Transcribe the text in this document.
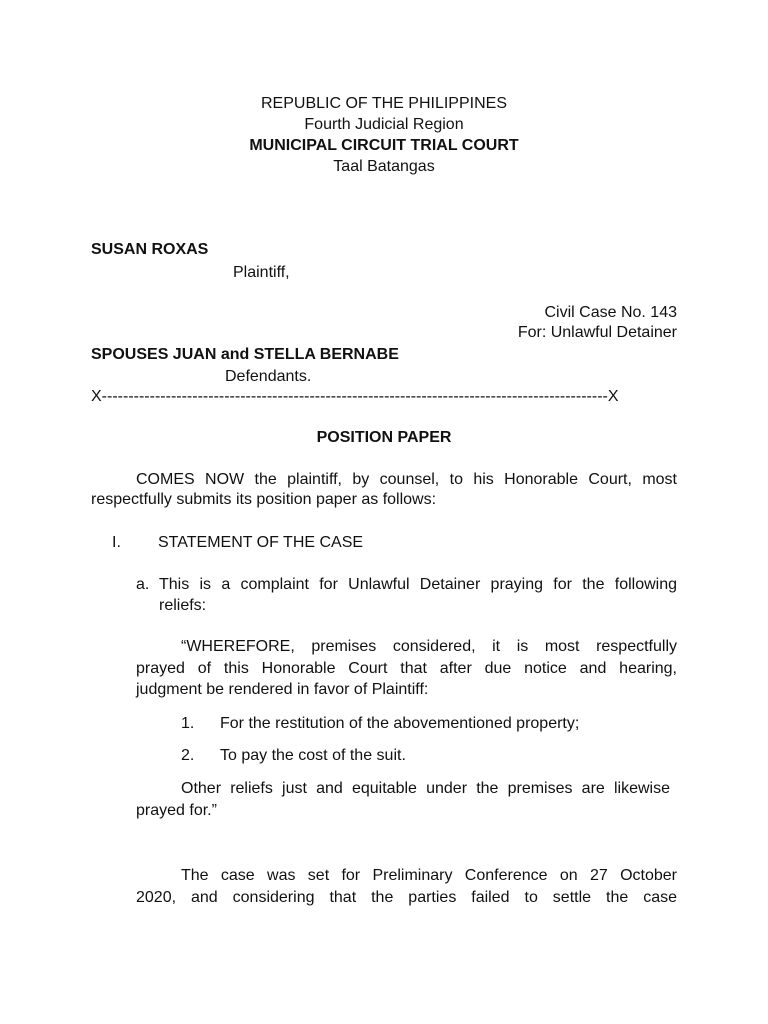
REPUBLIC OF THE PHILIPPINES
Fourth Judicial Region
MUNICIPAL CIRCUIT TRIAL COURT
Taal Batangas
SUSAN ROXAS
Plaintiff,
Civil Case No. 143
For: Unlawful Detainer
SPOUSES JUAN and STELLA BERNABE
Defendants.
X-----------------------------------------------------------------------------------------------X
POSITION PAPER
COMES NOW the plaintiff, by counsel, to his Honorable Court, most
respectfully submits its position paper as follows:
I. STATEMENT OF THE CASE
a. This is a complaint for Unlawful Detainer praying for the following
reliefs:
“WHEREFORE, premises considered, it is most respectfully
prayed of this Honorable Court that after due notice and hearing,
judgment be rendered in favor of Plaintiff:
1. For the restitution of the abovementioned property;
2. To pay the cost of the suit.
Other reliefs just and equitable under the premises are likewise
prayed for.”
The case was set for Preliminary Conference on 27 October
2020, and considering that the parties failed to settle the case
